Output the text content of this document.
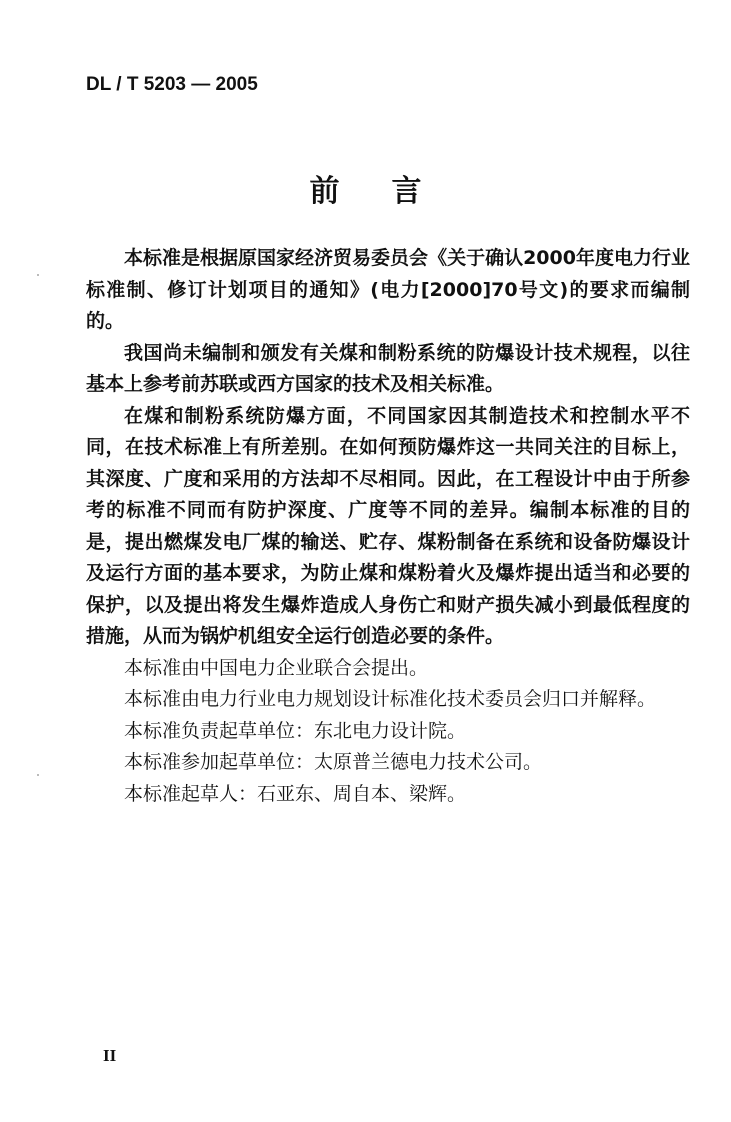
DL / T 5203 — 2005
前言

本标准是根据原国家经济贸易委员会《关于确认2000年度电力行业标准制、修订计划项目的通知》(电力[2000]70号文)的要求而编制的。

我国尚未编制和颁发有关煤和制粉系统的防爆设计技术规程，以往基本上参考前苏联或西方国家的技术及相关标准。

在煤和制粉系统防爆方面，不同国家因其制造技术和控制水平不同，在技术标准上有所差别。在如何预防爆炸这一共同关注的目标上，其深度、广度和采用的方法却不尽相同。因此，在工程设计中由于所参考的标准不同而有防护深度、广度等不同的差异。编制本标准的目的是，提出燃煤发电厂煤的输送、贮存、煤粉制备在系统和设备防爆设计及运行方面的基本要求，为防止煤和煤粉着火及爆炸提出适当和必要的保护，以及提出将发生爆炸造成人身伤亡和财产损失减小到最低程度的措施，从而为锅炉机组安全运行创造必要的条件。

本标准由中国电力企业联合会提出。

本标准由电力行业电力规划设计标准化技术委员会归口并解释。

本标准负责起草单位：东北电力设计院。

本标准参加起草单位：太原普兰德电力技术公司。

本标准起草人：石亚东、周自本、梁辉。

II
